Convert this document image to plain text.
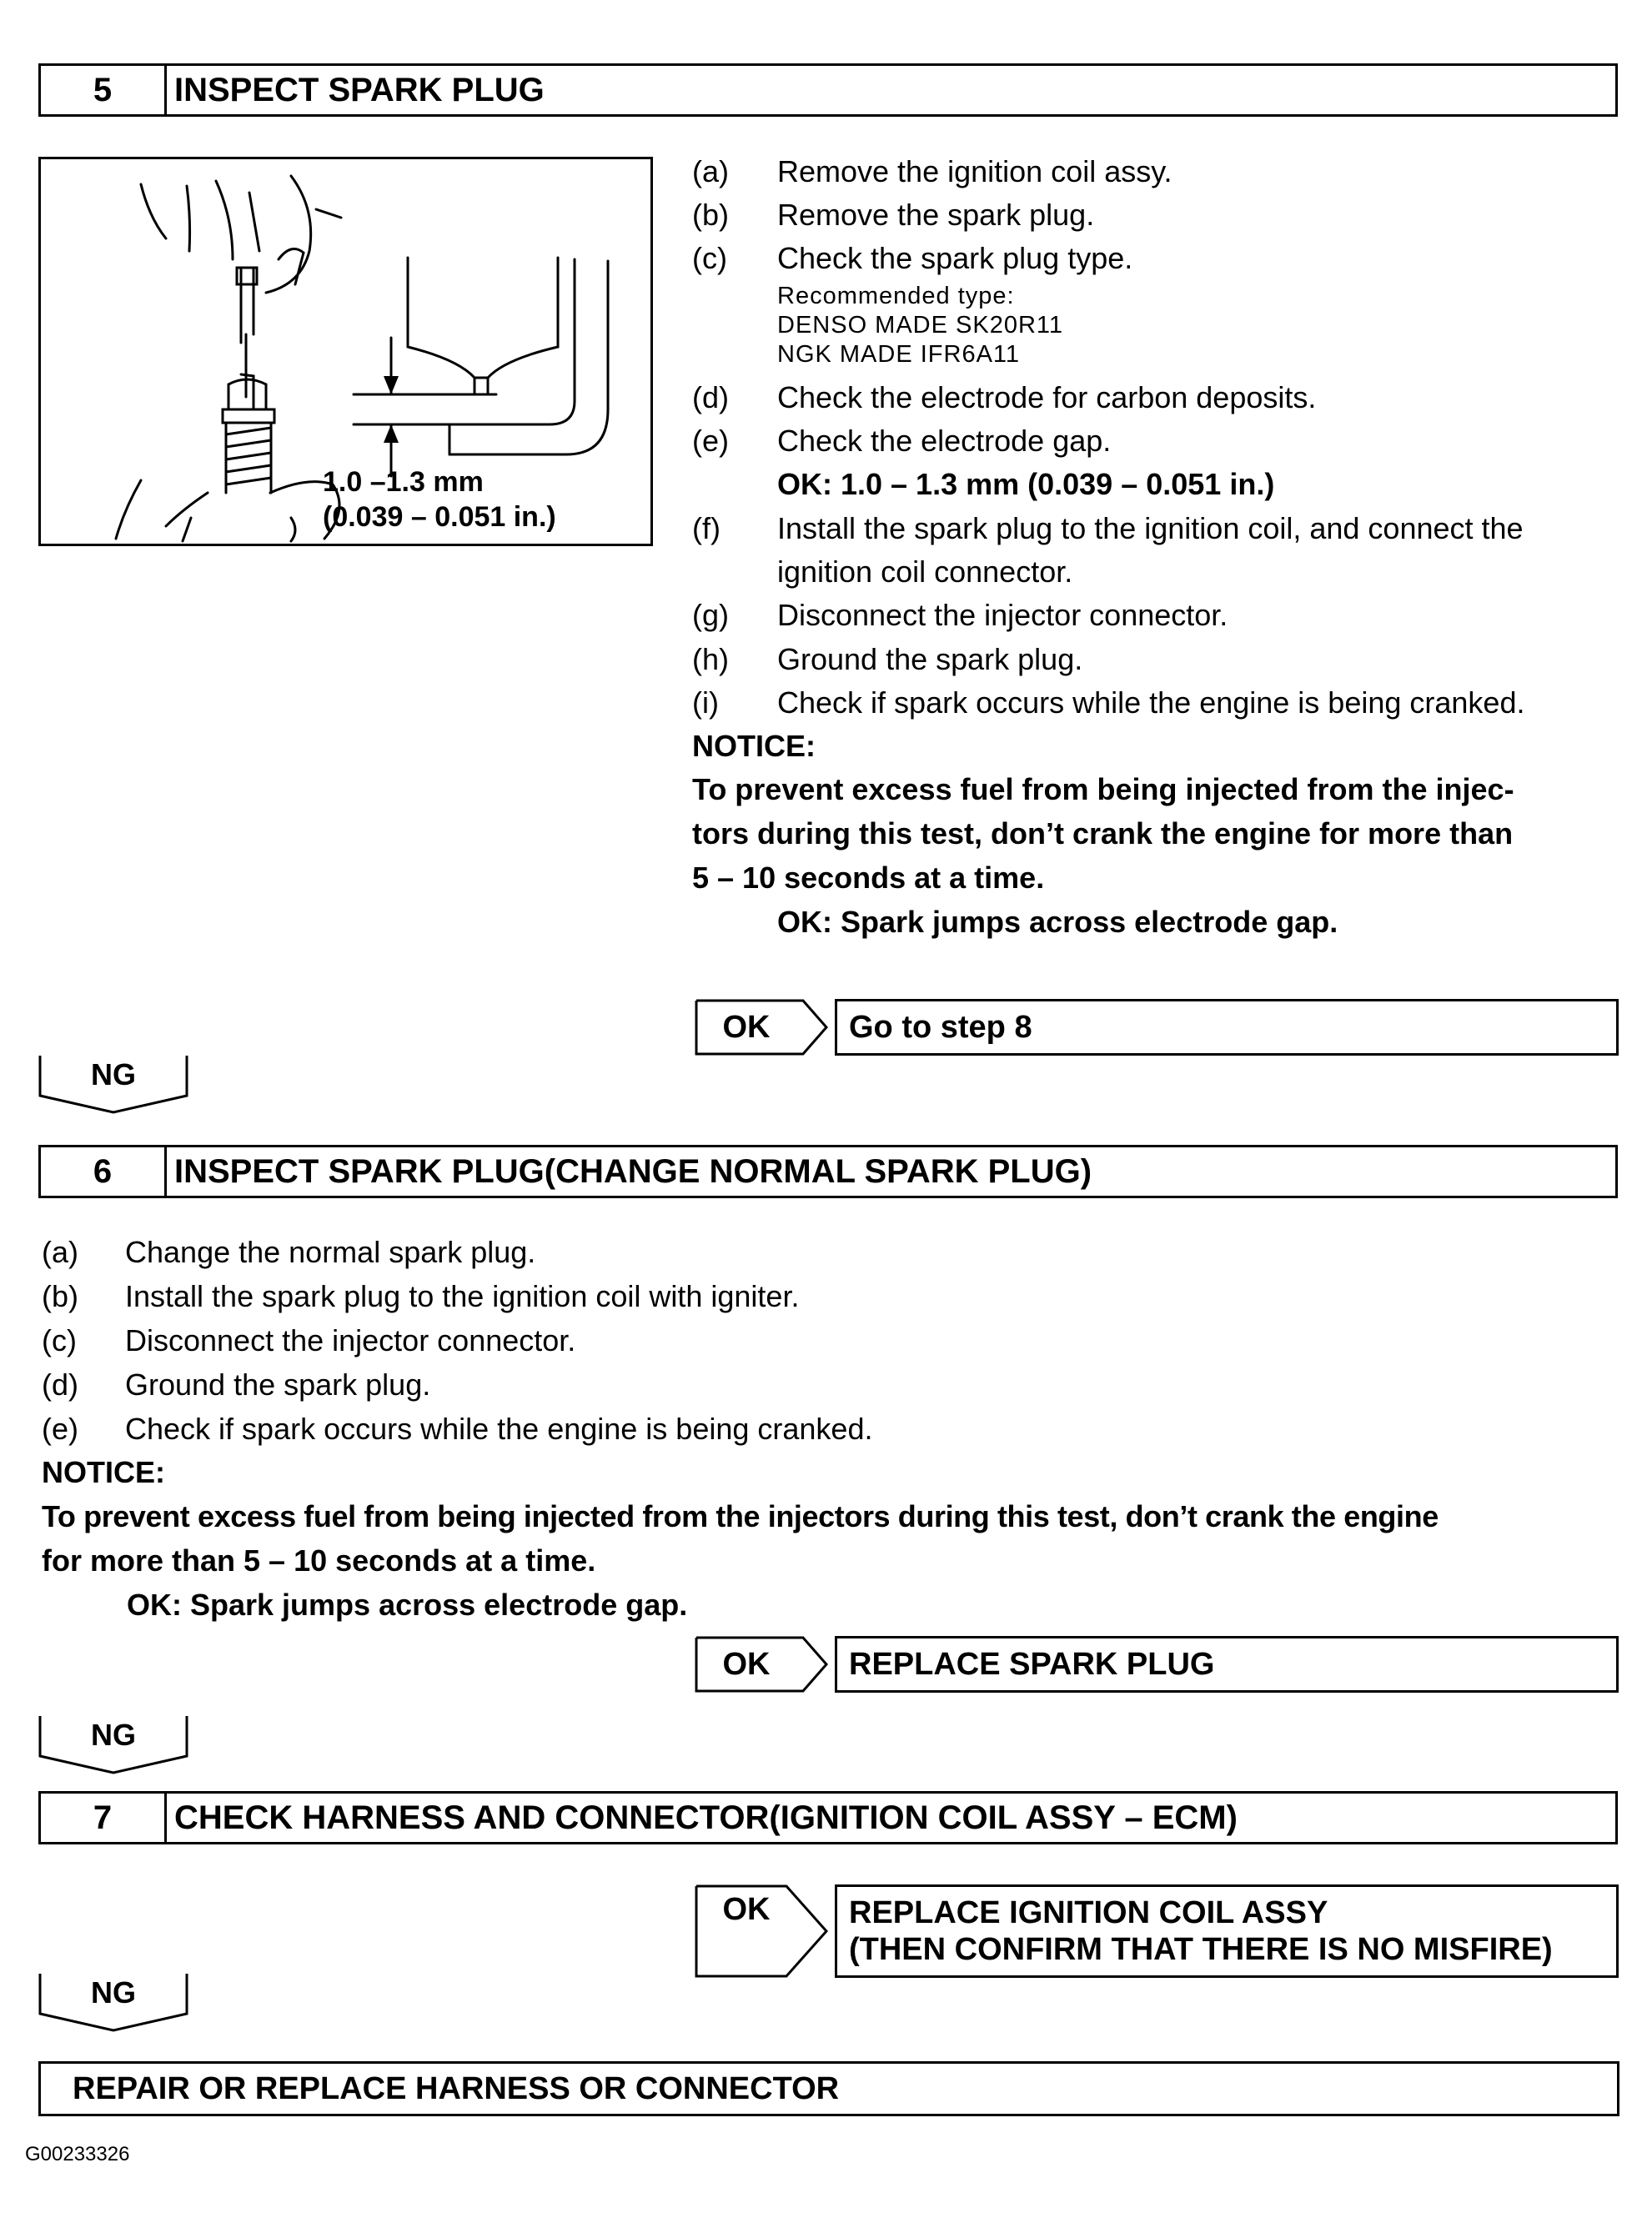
5	INSPECT SPARK PLUG
1.0 –1.3 mm
(0.039 – 0.051 in.)
(a) Remove the ignition coil assy.
(b) Remove the spark plug.
(c) Check the spark plug type.
Recommended type:
DENSO MADE SK20R11
NGK MADE IFR6A11
(d) Check the electrode for carbon deposits.
(e) Check the electrode gap.
OK: 1.0 – 1.3 mm (0.039 – 0.051 in.)
(f) Install the spark plug to the ignition coil, and connect the
ignition coil connector.
(g) Disconnect the injector connector.
(h) Ground the spark plug.
(i) Check if spark occurs while the engine is being cranked.
NOTICE:
To prevent excess fuel from being injected from the injec-
tors during this test, don’t crank the engine for more than
5 – 10 seconds at a time.
OK: Spark jumps across electrode gap.
OK	Go to step 8
NG
6	INSPECT SPARK PLUG(CHANGE NORMAL SPARK PLUG)
(a) Change the normal spark plug.
(b) Install the spark plug to the ignition coil with igniter.
(c) Disconnect the injector connector.
(d) Ground the spark plug.
(e) Check if spark occurs while the engine is being cranked.
NOTICE:
To prevent excess fuel from being injected from the injectors during this test, don’t crank the engine
for more than 5 – 10 seconds at a time.
OK: Spark jumps across electrode gap.
OK	REPLACE SPARK PLUG
NG
7	CHECK HARNESS AND CONNECTOR(IGNITION COIL ASSY – ECM)
OK	REPLACE IGNITION COIL ASSY
(THEN CONFIRM THAT THERE IS NO MISFIRE)
NG
REPAIR OR REPLACE HARNESS OR CONNECTOR
G00233326
